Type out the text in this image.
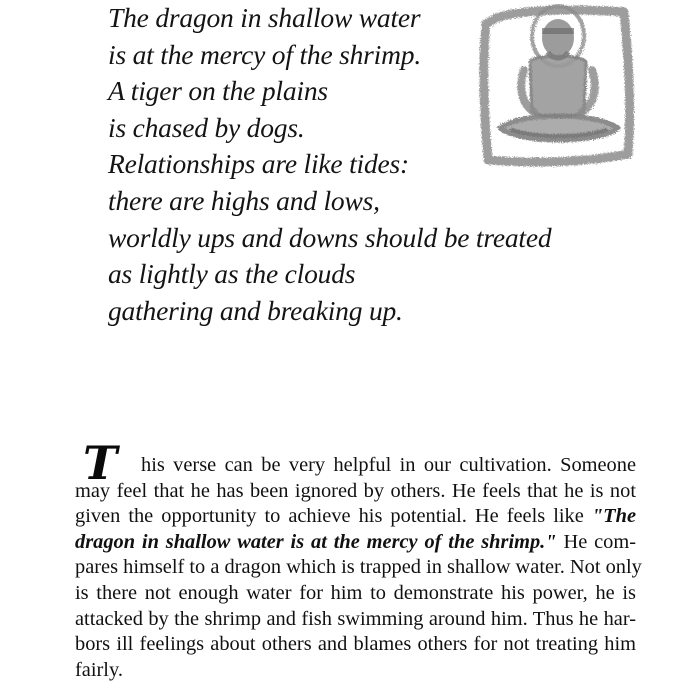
The dragon in shallow water
is at the mercy of the shrimp.
A tiger on the plains
is chased by dogs.
Relationships are like tides:
there are highs and lows,
worldly ups and downs should be treated
as lightly as the clouds
gathering and breaking up.
T his verse can be very helpful in our cultivation. Someone
may feel that he has been ignored by others. He feels that he is not
given the opportunity to achieve his potential. He feels like "The
dragon in shallow water is at the mercy of the shrimp." He com-
pares himself to a dragon which is trapped in shallow water. Not only
is there not enough water for him to demonstrate his power, he is
attacked by the shrimp and fish swimming around him. Thus he har-
bors ill feelings about others and blames others for not treating him
fairly.
